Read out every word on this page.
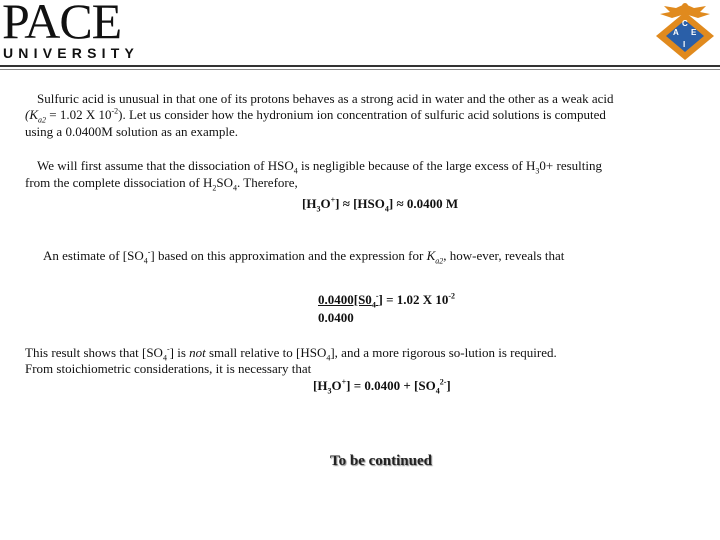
PACE
UNIVERSITY
A E
C
I
Sulfuric acid is unusual in that one of its protons behaves as a strong acid in water and the other as a weak acid
($K_{a2} = 1.02$ X $10^{-2}$). Let us consider how the hydronium ion concentration of sulfuric acid solutions is computed
using a 0.0400M solution as an example.
We will first assume that the dissociation of $HSO_4$ is negligible because of the large excess of $H_30+$ resulting
from the complete dissociation of $H_2SO_4$. Therefore,
$[H_3O^+] \approx [HSO_4] \approx 0.0400$ M
An estimate of $[SO_4^-]$ based on this approximation and the expression for $K_{a2}$, how-ever, reveals that
$0.0400[S0_4^-] = 1.02$ X $10^{-2}$
0.0400
This result shows that $[SO_4^-]$ is not small relative to $[HSO_4]$, and a more rigorous so-lution is required.
From stoichiometric considerations, it is necessary that
$[H_3O^+] = 0.0400 + [SO_4^{2-}]$
To be continued
